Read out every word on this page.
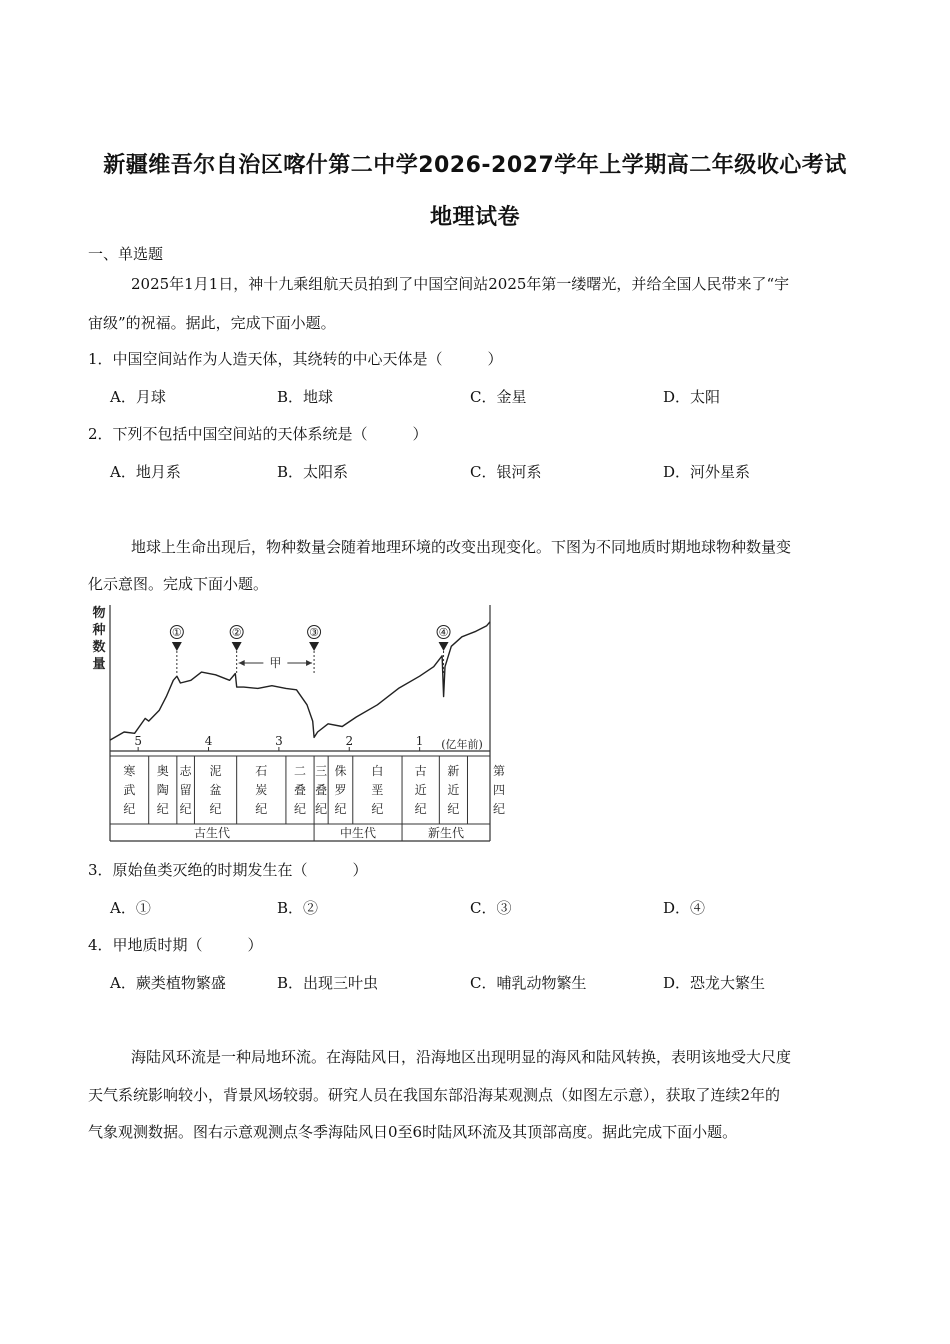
新疆维吾尔自治区喀什第二中学2026-2027学年上学期高二年级收心考试
地理试卷
一、单选题
2025年1月1日，神十九乘组航天员拍到了中国空间站2025年第一缕曙光，并给全国人民带来了“宇
宙级”的祝福。据此，完成下面小题。
1．中国空间站作为人造天体，其绕转的中心天体是（　　　）
A．月球	B．地球	C．金星	D．太阳
2．下列不包括中国空间站的天体系统是（　　　）
A．地月系	B．太阳系	C．银河系	D．河外星系
地球上生命出现后，物种数量会随着地理环境的改变出现变化。下图为不同地质时期地球物种数量变
化示意图。完成下面小题。
物
种
数
量
5	4	3	2	1 (亿年前)
①	②	③	④
甲
寒
武
纪
奥
陶
纪
志
留
纪
泥
盆
纪
石
炭
纪
二
叠
纪
三
叠
纪
侏
罗
纪
白
垩
纪
古
近
纪
新
近
纪
第
四
纪
古生代	中生代	新生代
3．原始鱼类灭绝的时期发生在（　　　）
A．①	B．②	C．③	D．④
4．甲地质时期（　　　）
A．蕨类植物繁盛	B．出现三叶虫	C．哺乳动物繁生	D．恐龙大繁生
海陆风环流是一种局地环流。在海陆风日，沿海地区出现明显的海风和陆风转换，表明该地受大尺度
天气系统影响较小，背景风场较弱。研究人员在我国东部沿海某观测点（如图左示意），获取了连续2年的
气象观测数据。图右示意观测点冬季海陆风日0至6时陆风环流及其顶部高度。据此完成下面小题。
